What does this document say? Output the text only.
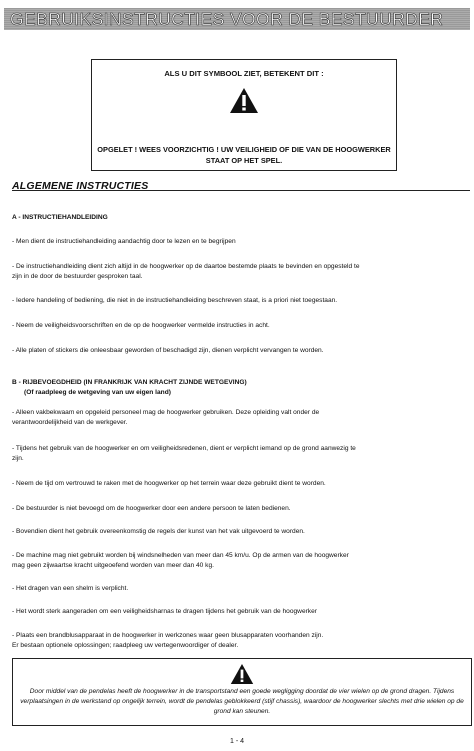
GEBRUIKSINSTRUCTIES VOOR DE BESTUURDER
ALS U DIT SYMBOOL ZIET, BETEKENT DIT :
OPGELET ! WEES VOORZICHTIG ! UW VEILIGHEID OF DIE VAN DE HOOGWERKER STAAT OP HET SPEL.
ALGEMENE INSTRUCTIES
A - INSTRUCTIEHANDLEIDING
- Men dient de instructiehandleiding aandachtig door te lezen en te begrijpen
- De instructiehandleiding dient zich altijd in de hoogwerker op de daartoe bestemde plaats te bevinden en opgesteld te
zijn in de door de bestuurder gesproken taal.
- Iedere handeling of bediening, die niet in de instructiehandleiding beschreven staat, is a priori niet toegestaan.
- Neem de veiligheidsvoorschriften en de op de hoogwerker vermelde instructies in acht.
- Alle platen of stickers die onleesbaar geworden of beschadigd zijn, dienen verplicht vervangen te worden.
B - RIJBEVOEGDHEID (IN FRANKRIJK VAN KRACHT ZIJNDE WETGEVING)
(Of raadpleeg de wetgeving van uw eigen land)
- Alleen vakbekwaam en opgeleid personeel mag de hoogwerker gebruiken. Deze opleiding valt onder de
verantwoordelijkheid van de werkgever.
- Tijdens het gebruik van de hoogwerker en om veiligheidsredenen, dient er verplicht iemand op de grond aanwezig te
zijn.
- Neem de tijd om vertrouwd te raken met de hoogwerker op het terrein waar deze gebruikt dient te worden.
- De bestuurder is niet bevoegd om de hoogwerker door een andere persoon te laten bedienen.
- Bovendien dient het gebruik overeenkomstig de regels der kunst van het vak uitgevoerd te worden.
- De machine mag niet gebruikt worden bij windsnelheden van meer dan 45 km/u. Op de armen van de hoogwerker
mag geen zijwaartse kracht uitgeoefend worden van meer dan 40 kg.
- Het dragen van een shelm is verplicht.
- Het wordt sterk aangeraden om een veiligheidsharnas te dragen tijdens het gebruik van de hoogwerker
- Plaats een brandblusapparaat in de hoogwerker in werkzones waar geen blusapparaten voorhanden zijn.
Er bestaan optionele oplossingen; raadpleeg uw vertegenwoordiger of dealer.
Door middel van de pendelas heeft de hoogwerker in de transportstand een goede wegligging doordat de vier wielen op de grond dragen. Tijdens verplaatsingen in de werkstand op ongelijk terrein, wordt de pendelas geblokkeerd (stijf chassis), waardoor de hoogwerker slechts met drie wielen op de grond kan steunen.
1 - 4
